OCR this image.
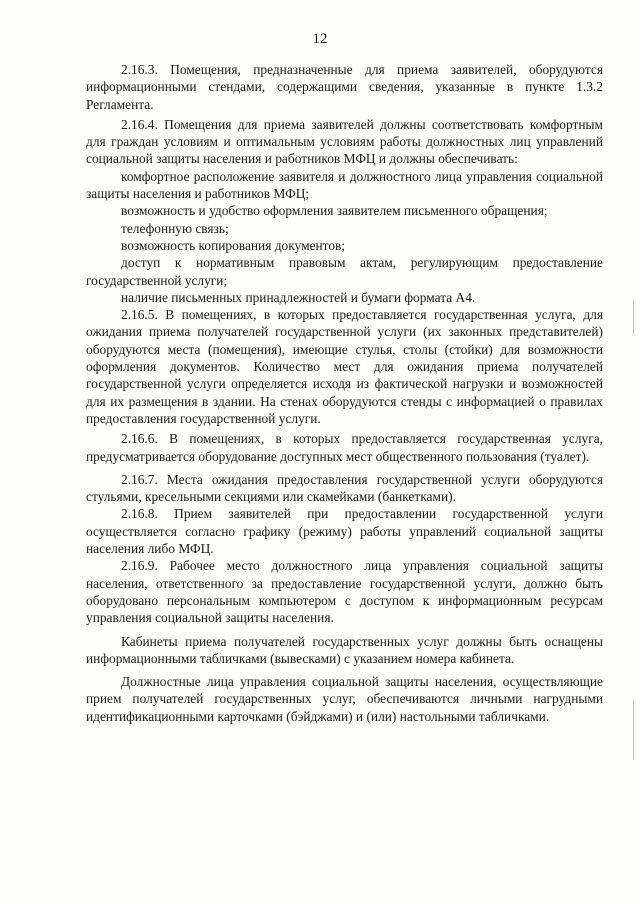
12

2.16.3. Помещения, предназначенные для приема заявителей, оборудуются информационными стендами, содержащими сведения, указанные в пункте 1.3.2 Регламента.

2.16.4. Помещения для приема заявителей должны соответствовать комфортным для граждан условиям и оптимальным условиям работы должностных лиц управлений социальной защиты населения и работников МФЦ и должны обеспечивать:

комфортное расположение заявителя и должностного лица управления социальной защиты населения и работников МФЦ;

возможность и удобство оформления заявителем письменного обращения;

телефонную связь;

возможность копирования документов;

доступ к нормативным правовым актам, регулирующим предоставление государственной услуги;

наличие письменных принадлежностей и бумаги формата А4.

2.16.5. В помещениях, в которых предоставляется государственная услуга, для ожидания приема получателей государственной услуги (их законных представителей) оборудуются места (помещения), имеющие стулья, столы (стойки) для возможности оформления документов. Количество мест для ожидания приема получателей государственной услуги определяется исходя из фактической нагрузки и возможностей для их размещения в здании. На стенах оборудуются стенды с информацией о правилах предоставления государственной услуги.

2.16.6. В помещениях, в которых предоставляется государственная услуга, предусматривается оборудование доступных мест общественного пользования (туалет).

2.16.7. Места ожидания предоставления государственной услуги оборудуются стульями, кресельными секциями или скамейками (банкетками).

2.16.8. Прием заявителей при предоставлении государственной услуги осуществляется согласно графику (режиму) работы управлений социальной защиты населения либо МФЦ.

2.16.9. Рабочее место должностного лица управления социальной защиты населения, ответственного за предоставление государственной услуги, должно быть оборудовано персональным компьютером с доступом к информационным ресурсам управления социальной защиты населения.

Кабинеты приема получателей государственных услуг должны быть оснащены информационными табличками (вывесками) с указанием номера кабинета.

Должностные лица управления социальной защиты населения, осуществляющие прием получателей государственных услуг, обеспечиваются личными нагрудными идентификационными карточками (бэйджами) и (или) настольными табличками.
